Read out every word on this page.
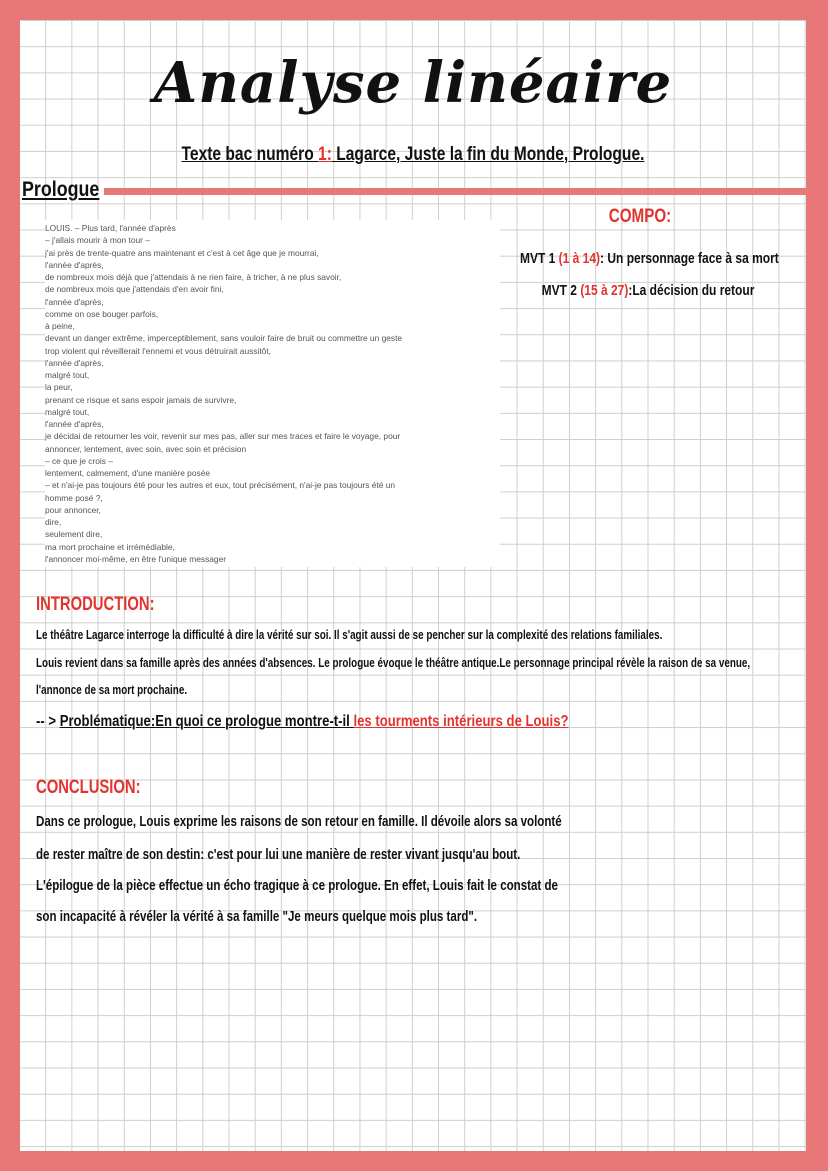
Analyse linéaire
Texte bac numéro 1: Lagarce, Juste la fin du Monde, Prologue.
Prologue
LOUIS. – Plus tard, l'année d'après
– j'allais mourir à mon tour –
j'ai près de trente-quatre ans maintenant et c'est à cet âge que je mourrai,
l'année d'après,
de nombreux mois déjà que j'attendais à ne rien faire, à tricher, à ne plus savoir,
de nombreux mois que j'attendais d'en avoir fini,
l'année d'après,
comme on ose bouger parfois,
à peine,
devant un danger extrême, imperceptiblement, sans vouloir faire de bruit ou commettre un geste
trop violent qui réveillerait l'ennemi et vous détruirait aussitôt,
l'année d'après,
malgré tout,
la peur,
prenant ce risque et sans espoir jamais de survivre,
malgré tout,
l'année d'après,
je décidai de retourner les voir, revenir sur mes pas, aller sur mes traces et faire le voyage, pour
annoncer, lentement, avec soin, avec soin et précision
– ce que je crois –
lentement, calmement, d'une manière posée
– et n'ai-je pas toujours été pour les autres et eux, tout précisément, n'ai-je pas toujours été un
homme posé ?,
pour annoncer,
dire,
seulement dire,
ma mort prochaine et irrémédiable,
l'annoncer moi-même, en être l'unique messager
COMPO:
MVT 1 (1 à 14): Un personnage face à sa mort
MVT 2 (15 à 27):La décision du retour
INTRODUCTION:
Le théâtre Lagarce interroge la difficulté à dire la vérité sur soi. Il s'agit aussi de se pencher sur la complexité des relations familiales.
Louis revient dans sa famille après des années d'absences. Le prologue évoque le théâtre antique.Le personnage principal révèle la raison de sa venue,
l'annonce de sa mort prochaine.
-- > Problématique:En quoi ce prologue montre-t-il les tourments intérieurs de Louis?
CONCLUSION:
Dans ce prologue, Louis exprime les raisons de son retour en famille. Il dévoile alors sa volonté
de rester maître de son destin: c'est pour lui une manière de rester vivant jusqu'au bout.
L'épilogue de la pièce effectue un écho tragique à ce prologue. En effet, Louis fait le constat de
son incapacité à révéler la vérité à sa famille "Je meurs quelque mois plus tard".
